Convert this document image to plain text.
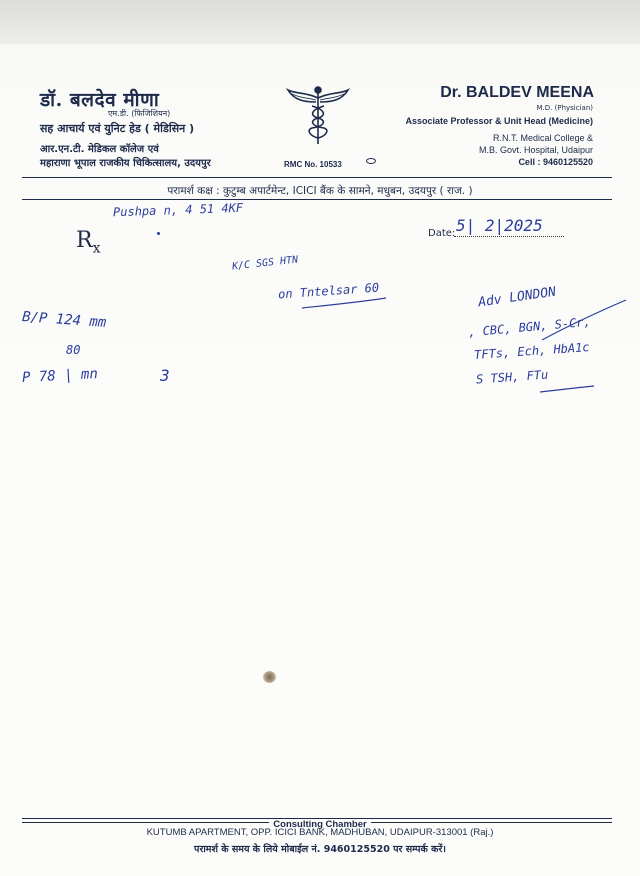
डॉ. बलदेव मीणा
एम.डी. (फिजिशियन)
सह आचार्य एवं युनिट हेड ( मेडिसिन )
आर.एन.टी. मेडिकल कॉलेज एवं
महाराणा भूपाल राजकीय चिकित्सालय, उदयपुर	RMC No. 10533
Dr. BALDEV MEENA
M.D. (Physician)
Associate Professor & Unit Head (Medicine)
R.N.T. Medical College &
M.B. Govt. Hospital, Udaipur
Cell : 9460125520
परामर्श कक्ष : कुटुम्ब अपार्टमेन्ट, ICICI बैंक के सामने, मधुबन, उदयपुर ( राज. )
$R_x$
Date: 5| 2|2025
Pushpa n, 4 51 4KF
K/C SGS HTN
on Tntelsar 60
B/P 124 mm
80
P 78 | mn	3
Adv LONDON
, CBC, BGN, S-Cr,
TFTs, Ech, HbA1c
S TSH, FTu
Consulting Chamber
KUTUMB APARTMENT, OPP. ICICI BANK, MADHUBAN, UDAIPUR-313001 (Raj.)
परामर्श के समय के लिये मोबाईल नं. 9460125520 पर सम्पर्क करें।
